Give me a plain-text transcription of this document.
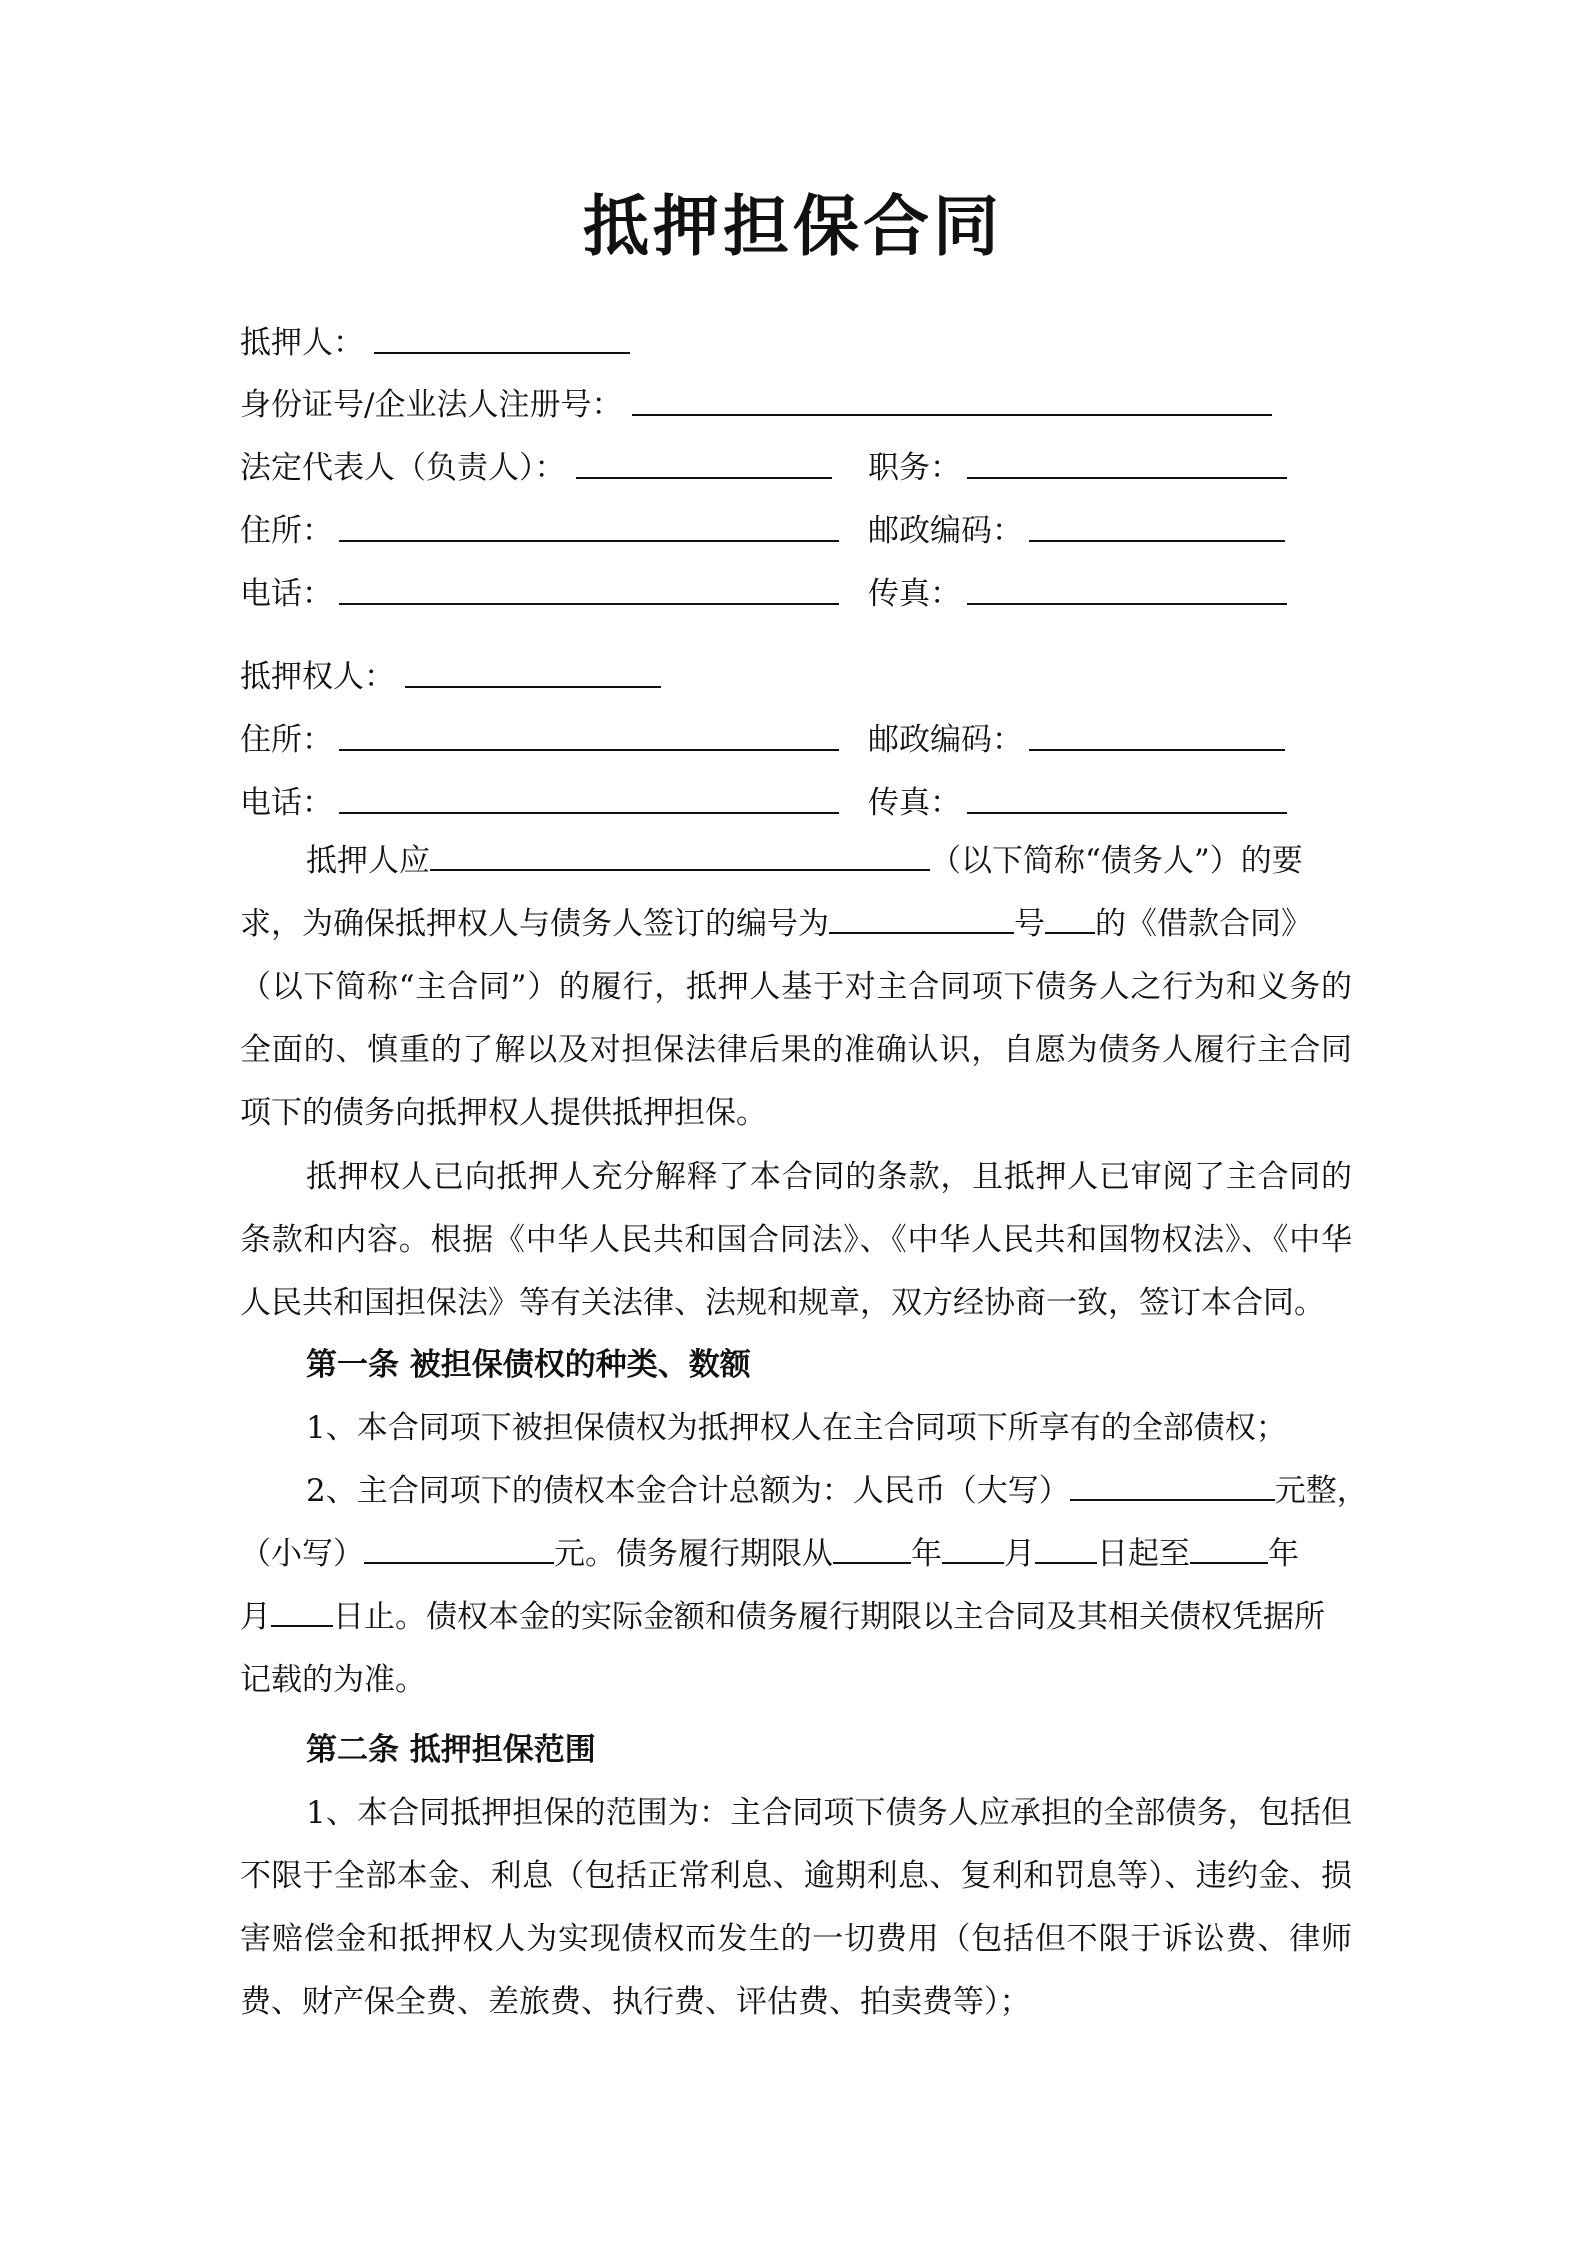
抵押担保合同
抵押人：
身份证号/企业法人注册号：
法定代表人（负责人）：	职务：
住所：	邮政编码：
电话：	传真：
抵押权人：
住所：	邮政编码：
电话：	传真：
抵押人应	（以下简称“债务人”）的要
求，为确保抵押权人与债务人签订的编号为	号 的《借款合同》
（以下简称“主合同”）的履行，抵押人基于对主合同项下债务人之行为和义务的全面的、慎重的了解以及对担保法律后果的准确认识，自愿为债务人履行主合同项下的债务向抵押权人提供抵押担保。
抵押权人已向抵押人充分解释了本合同的条款，且抵押人已审阅了主合同的条款和内容。根据《中华人民共和国合同法》、《中华人民共和国物权法》、《中华人民共和国担保法》等有关法律、法规和规章，双方经协商一致，签订本合同。
第一条 被担保债权的种类、数额
1、本合同项下被担保债权为抵押权人在主合同项下所享有的全部债权；
2、主合同项下的债权本金合计总额为：人民币（大写）	元整，
（小写）	元。债务履行期限从	年 月 日起至	年
月 日止。债权本金的实际金额和债务履行期限以主合同及其相关债权凭据所
记载的为准。
第二条 抵押担保范围
1、本合同抵押担保的范围为：主合同项下债务人应承担的全部债务，包括但不限于全部本金、利息（包括正常利息、逾期利息、复利和罚息等）、违约金、损害赔偿金和抵押权人为实现债权而发生的一切费用（包括但不限于诉讼费、律师费、财产保全费、差旅费、执行费、评估费、拍卖费等）；
